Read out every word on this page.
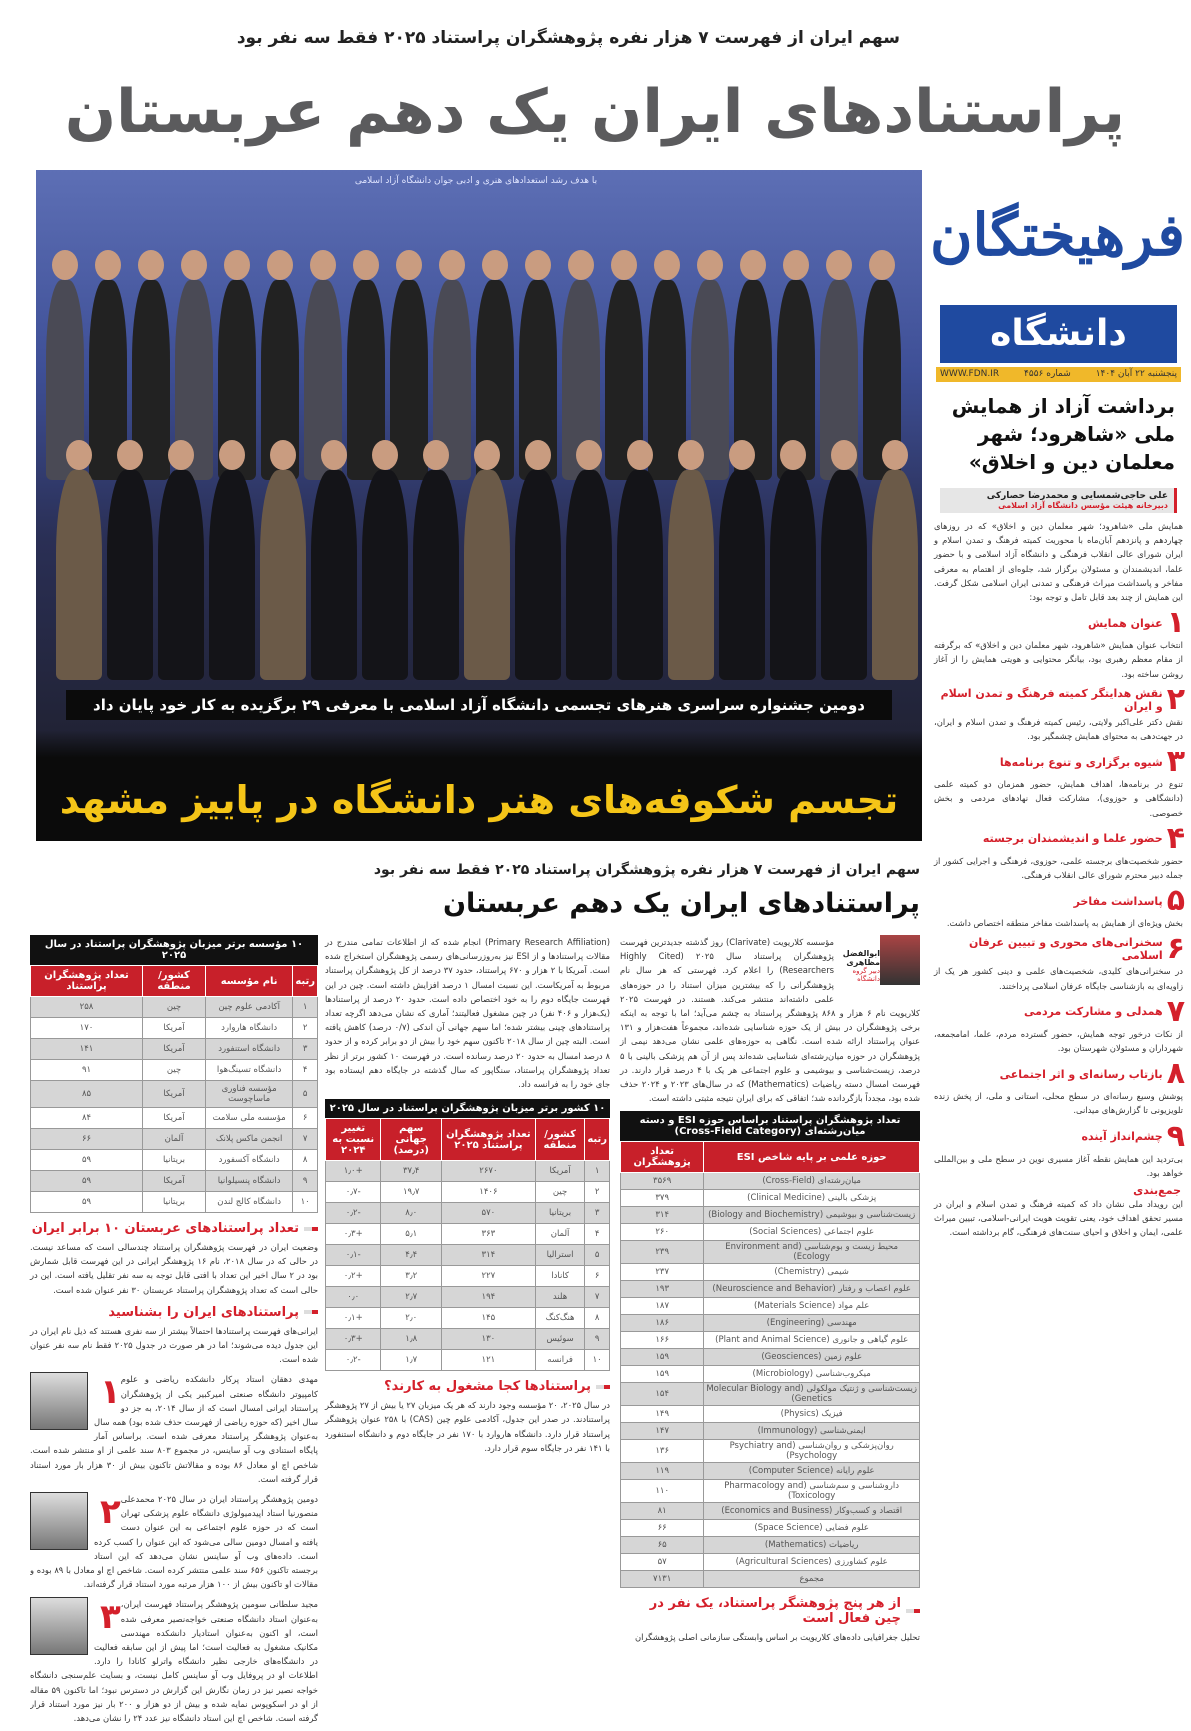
سهم ایران از فهرست ۷ هزار نفره پژوهشگران پراستناد ۲۰۲۵ فقط سه نفر بود
پراستنادهای ایران یک دهم عربستان
با هدف رشد استعدادهای هنری و ادبی جوان دانشگاه آزاد اسلامی
تجسم شکوفه‌های هنر دانشگاه در پاییز مشهد
دومین جشنواره سراسری هنرهای تجسمی دانشگاه آزاد اسلامی با معرفی ۲۹ برگزیده به کار خود پایان داد
فرهیختگان
دانشگاه
پنجشنبه ۲۲ آبان ۱۴۰۴
شماره ۴۵۵۶
WWW.FDN.IR
برداشت آزاد از همایش ملی «شاهرود؛ شهر معلمان دین و اخلاق»
علی حاجی‌شمسایی و محمدرضا حصارکی
دبیرخانه هیئت مؤسس دانشگاه آزاد اسلامی
همایش ملی «شاهرود؛ شهر معلمان دین و اخلاق» که در روزهای چهاردهم و پانزدهم آبان‌ماه با محوریت کمیته فرهنگ و تمدن اسلام و ایران شورای عالی انقلاب فرهنگی و دانشگاه آزاد اسلامی و با حضور علما، اندیشمندان و مسئولان برگزار شد، جلوه‌ای از اهتمام به معرفی مفاخر و پاسداشت میراث فرهنگی و تمدنی ایران اسلامی شکل گرفت. این همایش از چند بعد قابل تامل و توجه بود:
۱
عنوان همایش
انتخاب عنوان همایش «شاهرود، شهر معلمان دین و اخلاق» که برگرفته از مقام معظم رهبری بود، بیانگر محتوایی و هویتی همایش را از آغاز روشن ساخته بود.
۲
نقش هدایتگر کمیته فرهنگ و تمدن اسلام و ایران
نقش دکتر علی‌اکبر ولایتی، رئیس کمیته فرهنگ و تمدن اسلام و ایران، در جهت‌دهی به محتوای همایش چشمگیر بود.
۳
شیوه برگزاری و تنوع برنامه‌ها
تنوع در برنامه‌ها، اهداف همایش، حضور همزمان دو کمیته علمی (دانشگاهی و حوزوی)، مشارکت فعال نهادهای مردمی و بخش خصوصی.
۴
حضور علما و اندیشمندان برجسته
حضور شخصیت‌های برجسته علمی، حوزوی، فرهنگی و اجرایی کشور از جمله دبیر محترم شورای عالی انقلاب فرهنگی.
۵
پاسداشت مفاخر
بخش ویژه‌ای از همایش به پاسداشت مفاخر منطقه اختصاص داشت.
۶
سخنرانی‌های محوری و تبیین عرفان اسلامی
در سخنرانی‌های کلیدی، شخصیت‌های علمی و دینی کشور هر یک از زاویه‌ای به بازشناسی جایگاه عرفان اسلامی پرداختند.
۷
همدلی و مشارکت مردمی
از نکات درخور توجه همایش، حضور گسترده مردم، علما، امامجمعه، شهرداران و مسئولان شهرستان بود.
۸
بازتاب رسانه‌ای و اثر اجتماعی
پوشش وسیع رسانه‌ای در سطح محلی، استانی و ملی، از پخش زنده‌ تلویزیونی تا گزارش‌های میدانی.
۹
چشم‌انداز آینده
بی‌تردید این همایش نقطه آغاز مسیری نوین در سطح ملی و بین‌المللی خواهد بود.
جمع‌بندی
این رویداد ملی نشان داد که کمیته فرهنگ و تمدن اسلام و ایران در مسیر تحقق اهداف خود، یعنی تقویت هویت ایرانی-اسلامی، تبیین میراث علمی، ایمان و اخلاق و احیای سنت‌های فرهنگی، گام برداشته است.
سهم ایران از فهرست ۷ هزار نفره پژوهشگران پراستناد ۲۰۲۵ فقط سه نفر بود
پراستنادهای ایران یک دهم عربستان
ابوالفضل مظاهری
دبیر گروه دانشگاه
مؤسسه کلاریویت (Clarivate) روز گذشته جدیدترین فهرست پژوهشگران پراستناد سال ۲۰۲۵ (Highly Cited Researchers) را اعلام کرد. فهرستی که هر سال نام پژوهشگرانی را که بیشترین میزان استناد را در حوزه‌های علمی داشته‌اند منتشر می‌کند. هستند. در فهرست ۲۰۲۵ کلاریویت نام ۶ هزار و ۸۶۸ پژوهشگر پراستناد به چشم می‌آید؛ اما با توجه به اینکه برخی پژوهشگران در بیش از یک حوزه شناسایی شده‌اند، مجموعاً هفت‌هزار و ۱۳۱ عنوان پراستناد ارائه شده است. نگاهی به حوزه‌های علمی نشان می‌دهد نیمی از پژوهشگران در حوزه میان‌رشته‌ای شناسایی شده‌اند پس از آن هم پزشکی بالینی با ۵ درصد، زیست‌شناسی و بیوشیمی و علوم اجتماعی هر یک با ۴ درصد قرار دارند. در فهرست امسال دسته ریاضیات (Mathematics) که در سال‌های ۲۰۲۳ و ۲۰۲۴ حذف شده بود، مجدداً بازگردانده شد؛ اتفاقی که برای ایران نتیجه مثبتی داشته است.
تعداد پژوهشگران پراستناد براساس حوزه ESI و دسته میان‌رشته‌ای (Cross-Field Category)
حوزه علمی بر پایه شاخص ESI	تعداد پژوهشگران
میان‌رشته‌ای (Cross-Field)	۳۵۶۹
پزشکی بالینی (Clinical Medicine)	۳۷۹
زیست‌شناسی و بیوشیمی (Biology and Biochemistry)	۳۱۴
علوم اجتماعی (Social Sciences)	۲۶۰
محیط زیست و بوم‌شناسی (Environment and Ecology)	۲۳۹
شیمی (Chemistry)	۲۳۷
علوم اعصاب و رفتار (Neuroscience and Behavior)	۱۹۳
علم مواد (Materials Science)	۱۸۷
مهندسی (Engineering)	۱۸۶
علوم گیاهی و جانوری (Plant and Animal Science)	۱۶۶
علوم زمین (Geosciences)	۱۵۹
میکروب‌شناسی (Microbiology)	۱۵۹
زیست‌شناسی و ژنتیک مولکولی (Molecular Biology and Genetics)	۱۵۴
فیزیک (Physics)	۱۴۹
ایمنی‌شناسی (Immunology)	۱۴۷
روان‌پزشکی و روان‌شناسی (Psychiatry and Psychology)	۱۳۶
علوم رایانه (Computer Science)	۱۱۹
داروشناسی و سم‌شناسی (Pharmacology and Toxicology)	۱۱۰
اقتصاد و کسب‌وکار (Economics and Business)	۸۱
علوم فضایی (Space Science)	۶۶
ریاضیات (Mathematics)	۶۵
علوم کشاورزی (Agricultural Sciences)	۵۷
مجموع	۷۱۳۱
از هر پنج پژوهشگر پراستناد، یک نفر در چین فعال است
تحلیل جغرافیایی داده‌های کلاریویت بر اساس وابستگی سازمانی اصلی پژوهشگران
(Primary Research Affiliation) انجام شده که از اطلاعات تمامی مندرج در مقالات پراستنادها و از ESI نیز به‌روزرسانی‌های رسمی پژوهشگران استخراج شده است. آمریکا با ۲ هزار و ۶۷۰ پراستناد، حدود ۳۷ درصد از کل پژوهشگران پراستناد مربوط به آمریکاست. این نسبت امسال ۱ درصد افزایش داشته است. چین در این فهرست جایگاه دوم را به خود اختصاص داده است. حدود ۲۰ درصد از پراستنادها (یک‌هزار و ۴۰۶ نفر) در چین مشغول فعالیتند؛ آماری که نشان می‌دهد اگرچه تعداد پراستنادهای چینی بیشتر شده؛ اما سهم جهانی آن اندکی (۰/۷ درصد) کاهش یافته است. البته چین از سال ۲۰۱۸ تاکنون سهم خود را بیش از دو برابر کرده و از حدود ۸ درصد امسال به حدود ۲۰ درصد رسانده است. در فهرست ۱۰ کشور برتر از نظر تعداد پژوهشگران پراستناد، سنگاپور که سال گذشته در جایگاه دهم ایستاده بود جای خود را به فرانسه داد.
۱۰ کشور برتر میزبان پژوهشگران پراستناد در سال ۲۰۲۵
رتبه	کشور/ منطقه	تعداد پژوهشگران پراستناد ۲۰۲۵	سهم جهانی (درصد)	تغییر نسبت به ۲۰۲۴
۱	آمریکا	۲۶۷۰	۳۷٫۴	+۱٫۰
۲	چین	۱۴۰۶	۱۹٫۷	-۰٫۷
۳	بریتانیا	۵۷۰	۸٫۰	-۰٫۲
۴	آلمان	۳۶۳	۵٫۱	+۰٫۳
۵	استرالیا	۳۱۴	۴٫۴	-۰٫۱
۶	کانادا	۲۲۷	۳٫۲	+۰٫۲
۷	هلند	۱۹۴	۲٫۷	۰٫۰
۸	هنگ‌کنگ	۱۴۵	۲٫۰	+۰٫۱
۹	سوئیس	۱۳۰	۱٫۸	+۰٫۳
۱۰	فرانسه	۱۲۱	۱٫۷	-۰٫۲
پراستنادها کجا مشغول به کارند؟
در سال ۲۰۲۵، ۲۰ مؤسسه وجود دارند که هر یک میزبان ۲۷ یا بیش از ۲۷ پژوهشگر پراستنادند. در صدر این جدول، آکادمی علوم چین (CAS) با ۲۵۸ عنوان پژوهشگر پراستناد قرار دارد. دانشگاه هاروارد با ۱۷۰ نفر در جایگاه دوم و دانشگاه استنفورد با ۱۴۱ نفر در جایگاه سوم قرار دارد.
۱۰ مؤسسه برتر میزبان پژوهشگران پراستناد در سال ۲۰۲۵
رتبه	نام مؤسسه	کشور/ منطقه	تعداد پژوهشگران پراستناد
۱	آکادمی علوم چین	چین	۲۵۸
۲	دانشگاه هاروارد	آمریکا	۱۷۰
۳	دانشگاه استنفورد	آمریکا	۱۴۱
۴	دانشگاه تسینگ‌هوا	چین	۹۱
۵	مؤسسه فناوری ماساچوست	آمریکا	۸۵
۶	مؤسسه ملی سلامت	آمریکا	۸۴
۷	انجمن ماکس پلانک	آلمان	۶۶
۸	دانشگاه آکسفورد	بریتانیا	۵۹
۹	دانشگاه پنسیلوانیا	آمریکا	۵۹
۱۰	دانشگاه کالج لندن	بریتانیا	۵۹
تعداد پراستنادهای عربستان ۱۰ برابر ایران
وضعیت ایران در فهرست پژوهشگران پراستناد چندسالی است که مساعد نیست. در حالی که در سال ۲۰۱۸، نام ۱۶ پژوهشگر ایرانی در این فهرست قابل شمارش بود در ۲ سال اخیر این تعداد با افتی قابل توجه به سه نفر تقلیل یافته است. این در حالی است که تعداد پژوهشگران پراستناد عربستان ۳۰ نفر عنوان شده است.
پراستنادهای ایران را بشناسید
ایرانی‌های فهرست پراستنادها احتمالاً بیشتر از سه نفری هستند که ذیل نام ایران در این جدول دیده می‌شوند؛ اما در هر صورت در جدول ۲۰۲۵ فقط نام سه نفر عنوان شده است.
۱ مهدی دهقان استاد پرکار دانشکده ریاضی و علوم کامپیوتر دانشگاه صنعتی امیرکبیر یکی از پژوهشگران پراستناد ایرانی امسال است که از سال ۲۰۱۴، به جز دو سال اخیر (که حوزه ریاضی از فهرست حذف شده بود) همه سال به‌عنوان پژوهشگر پراستناد معرفی شده است. براساس آمار پایگاه استنادی وب آو ساینس، در مجموع ۸۰۳ سند علمی از او منتشر شده است. شاخص اچ او معادل ۸۶ بوده و مقالاتش تاکنون بیش از ۳۰ هزار بار مورد استناد قرار گرفته است.
۲ دومین پژوهشگر پراستناد ایران در سال ۲۰۲۵ محمدعلی منصورنیا استاد اپیدمیولوژی دانشگاه علوم پزشکی تهران است که در حوزه علوم اجتماعی به این عنوان دست یافته و امسال دومین سالی می‌شود که این عنوان را کسب کرده است. داده‌های وب آو ساینس نشان می‌دهد که این استاد برجسته تاکنون ۶۵۶ سند علمی منتشر کرده است. شاخص اچ او معادل با ۸۹ بوده و مقالات او تاکنون بیش از ۱۰۰ هزار مرتبه مورد استناد قرار گرفته‌اند.
۳ مجید سلطانی سومین پژوهشگر پراستناد فهرست ایران، به‌عنوان استاد دانشگاه صنعتی خواجه‌نصیر معرفی شده است، او اکنون به‌عنوان استادیار دانشکده مهندسی مکانیک مشغول به فعالیت است؛ اما پیش از این سابقه فعالیت در دانشگاه‌های خارجی نظیر دانشگاه واترلو کانادا را دارد. اطلاعات او در پروفایل وب آو ساینس کامل نیست، و بسایت علم‌سنجی دانشگاه خواجه نصیر نیز در زمان نگارش این گزارش در دسترس نبود؛ اما تاکنون ۵۹ مقاله از او در اسکوپوس نمایه شده و بیش از دو هزار و ۲۰۰ بار نیز مورد استناد قرار گرفته است. شاخص اچ این استاد دانشگاه نیز عدد ۲۴ را نشان می‌دهد.
